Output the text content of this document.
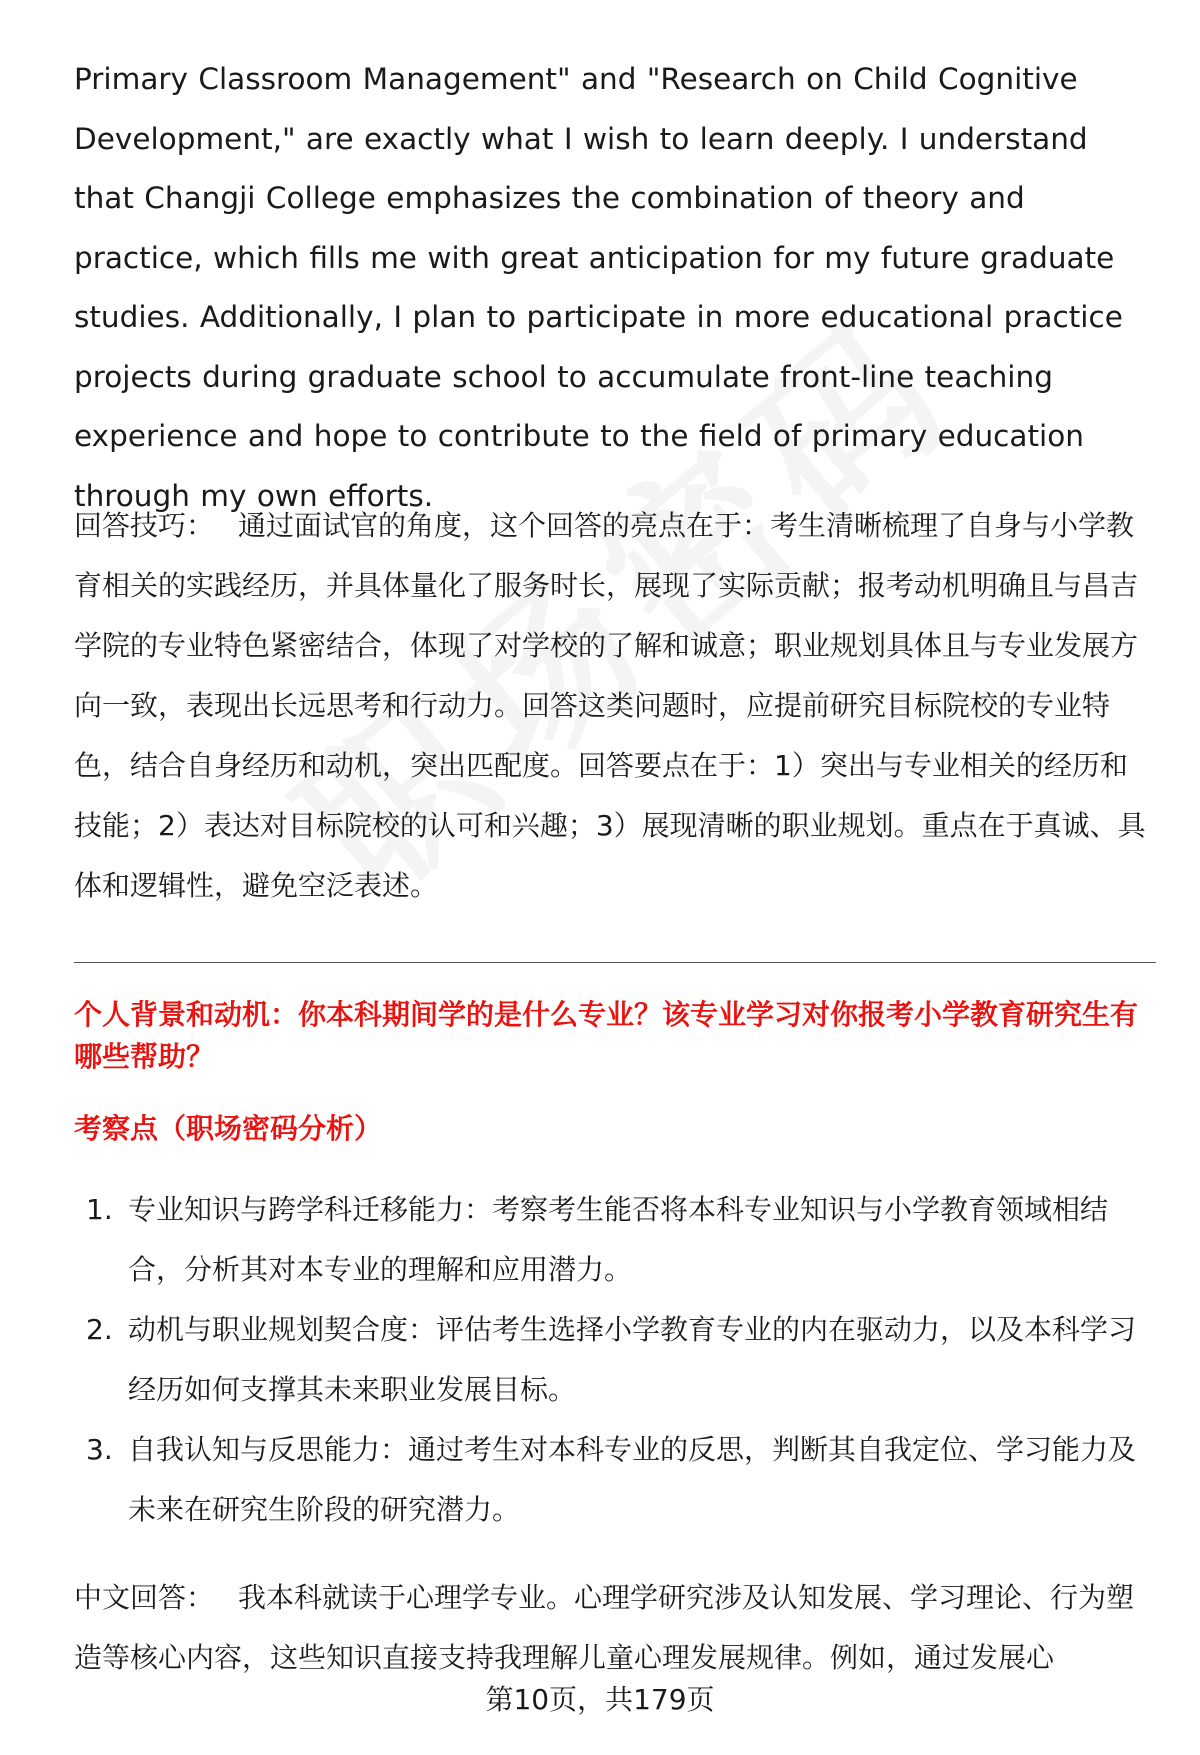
Primary Classroom Management" and "Research on Child Cognitive Development," are exactly what I wish to learn deeply. I understand that Changji College emphasizes the combination of theory and practice, which fills me with great anticipation for my future graduate studies. Additionally, I plan to participate in more educational practice projects during graduate school to accumulate front-line teaching experience and hope to contribute to the field of primary education through my own efforts.

回答技巧： 通过面试官的角度，这个回答的亮点在于：考生清晰梳理了自身与小学教育相关的实践经历，并具体量化了服务时长，展现了实际贡献；报考动机明确且与昌吉学院的专业特色紧密结合，体现了对学校的了解和诚意；职业规划具体且与专业发展方向一致，表现出长远思考和行动力。回答这类问题时，应提前研究目标院校的专业特色，结合自身经历和动机，突出匹配度。回答要点在于：1）突出与专业相关的经历和技能；2）表达对目标院校的认可和兴趣；3）展现清晰的职业规划。重点在于真诚、具体和逻辑性，避免空泛表述。

个人背景和动机：你本科期间学的是什么专业？该专业学习对你报考小学教育研究生有哪些帮助？
考察点（职场密码分析）
1. 专业知识与跨学科迁移能力：考察考生能否将本科专业知识与小学教育领域相结合，分析其对本专业的理解和应用潜力。
2. 动机与职业规划契合度：评估考生选择小学教育专业的内在驱动力，以及本科学习经历如何支撑其未来职业发展目标。
3. 自我认知与反思能力：通过考生对本科专业的反思，判断其自我定位、学习能力及未来在研究生阶段的研究潜力。

中文回答： 我本科就读于心理学专业。心理学研究涉及认知发展、学习理论、行为塑造等核心内容，这些知识直接支持我理解儿童心理发展规律。例如，通过发展心

第10页，共179页
